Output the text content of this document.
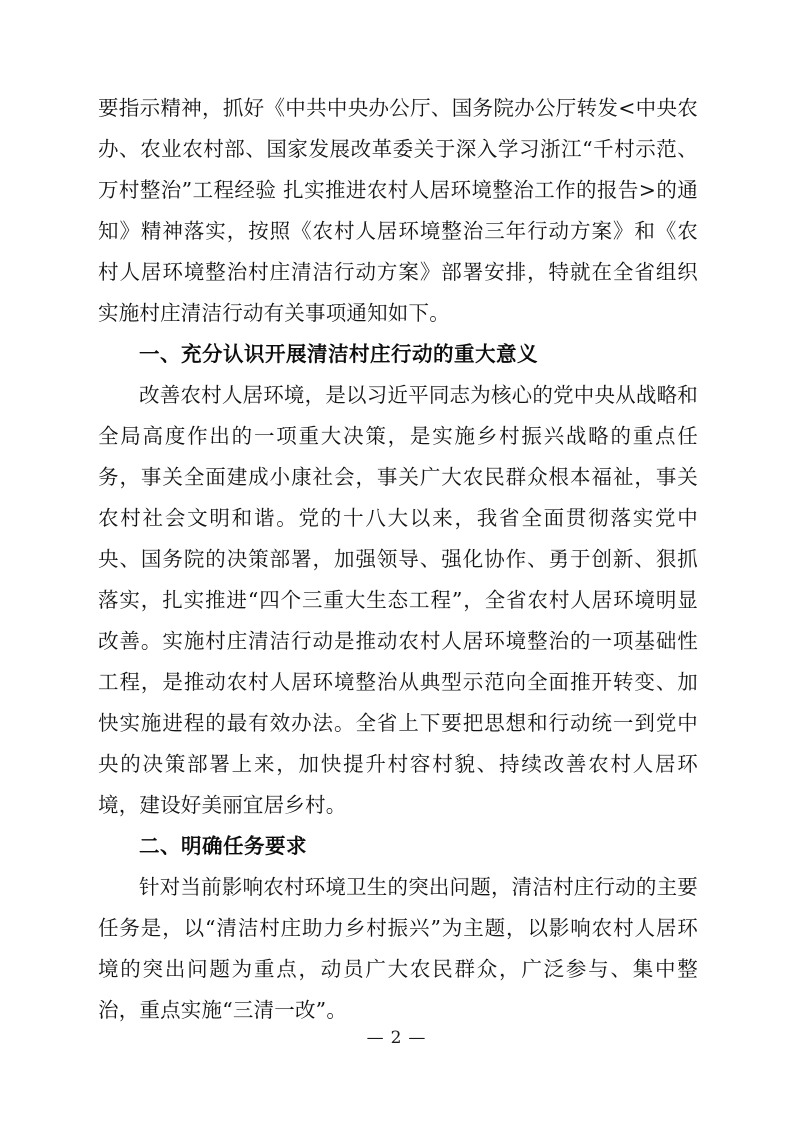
要指示精神，抓好《中共中央办公厅、国务院办公厅转发<中央农办、农业农村部、国家发展改革委关于深入学习浙江“千村示范、万村整治”工程经验 扎实推进农村人居环境整治工作的报告>的通知》精神落实，按照《农村人居环境整治三年行动方案》和《农村人居环境整治村庄清洁行动方案》部署安排，特就在全省组织实施村庄清洁行动有关事项通知如下。

一、充分认识开展清洁村庄行动的重大意义

改善农村人居环境，是以习近平同志为核心的党中央从战略和全局高度作出的一项重大决策，是实施乡村振兴战略的重点任务，事关全面建成小康社会，事关广大农民群众根本福祉，事关农村社会文明和谐。党的十八大以来，我省全面贯彻落实党中央、国务院的决策部署，加强领导、强化协作、勇于创新、狠抓落实，扎实推进“四个三重大生态工程”，全省农村人居环境明显改善。实施村庄清洁行动是推动农村人居环境整治的一项基础性工程，是推动农村人居环境整治从典型示范向全面推开转变、加快实施进程的最有效办法。全省上下要把思想和行动统一到党中央的决策部署上来，加快提升村容村貌、持续改善农村人居环境，建设好美丽宜居乡村。

二、明确任务要求

针对当前影响农村环境卫生的突出问题，清洁村庄行动的主要任务是，以“清洁村庄助力乡村振兴”为主题，以影响农村人居环境的突出问题为重点，动员广大农民群众，广泛参与、集中整治，重点实施“三清一改”。

— 2 —
